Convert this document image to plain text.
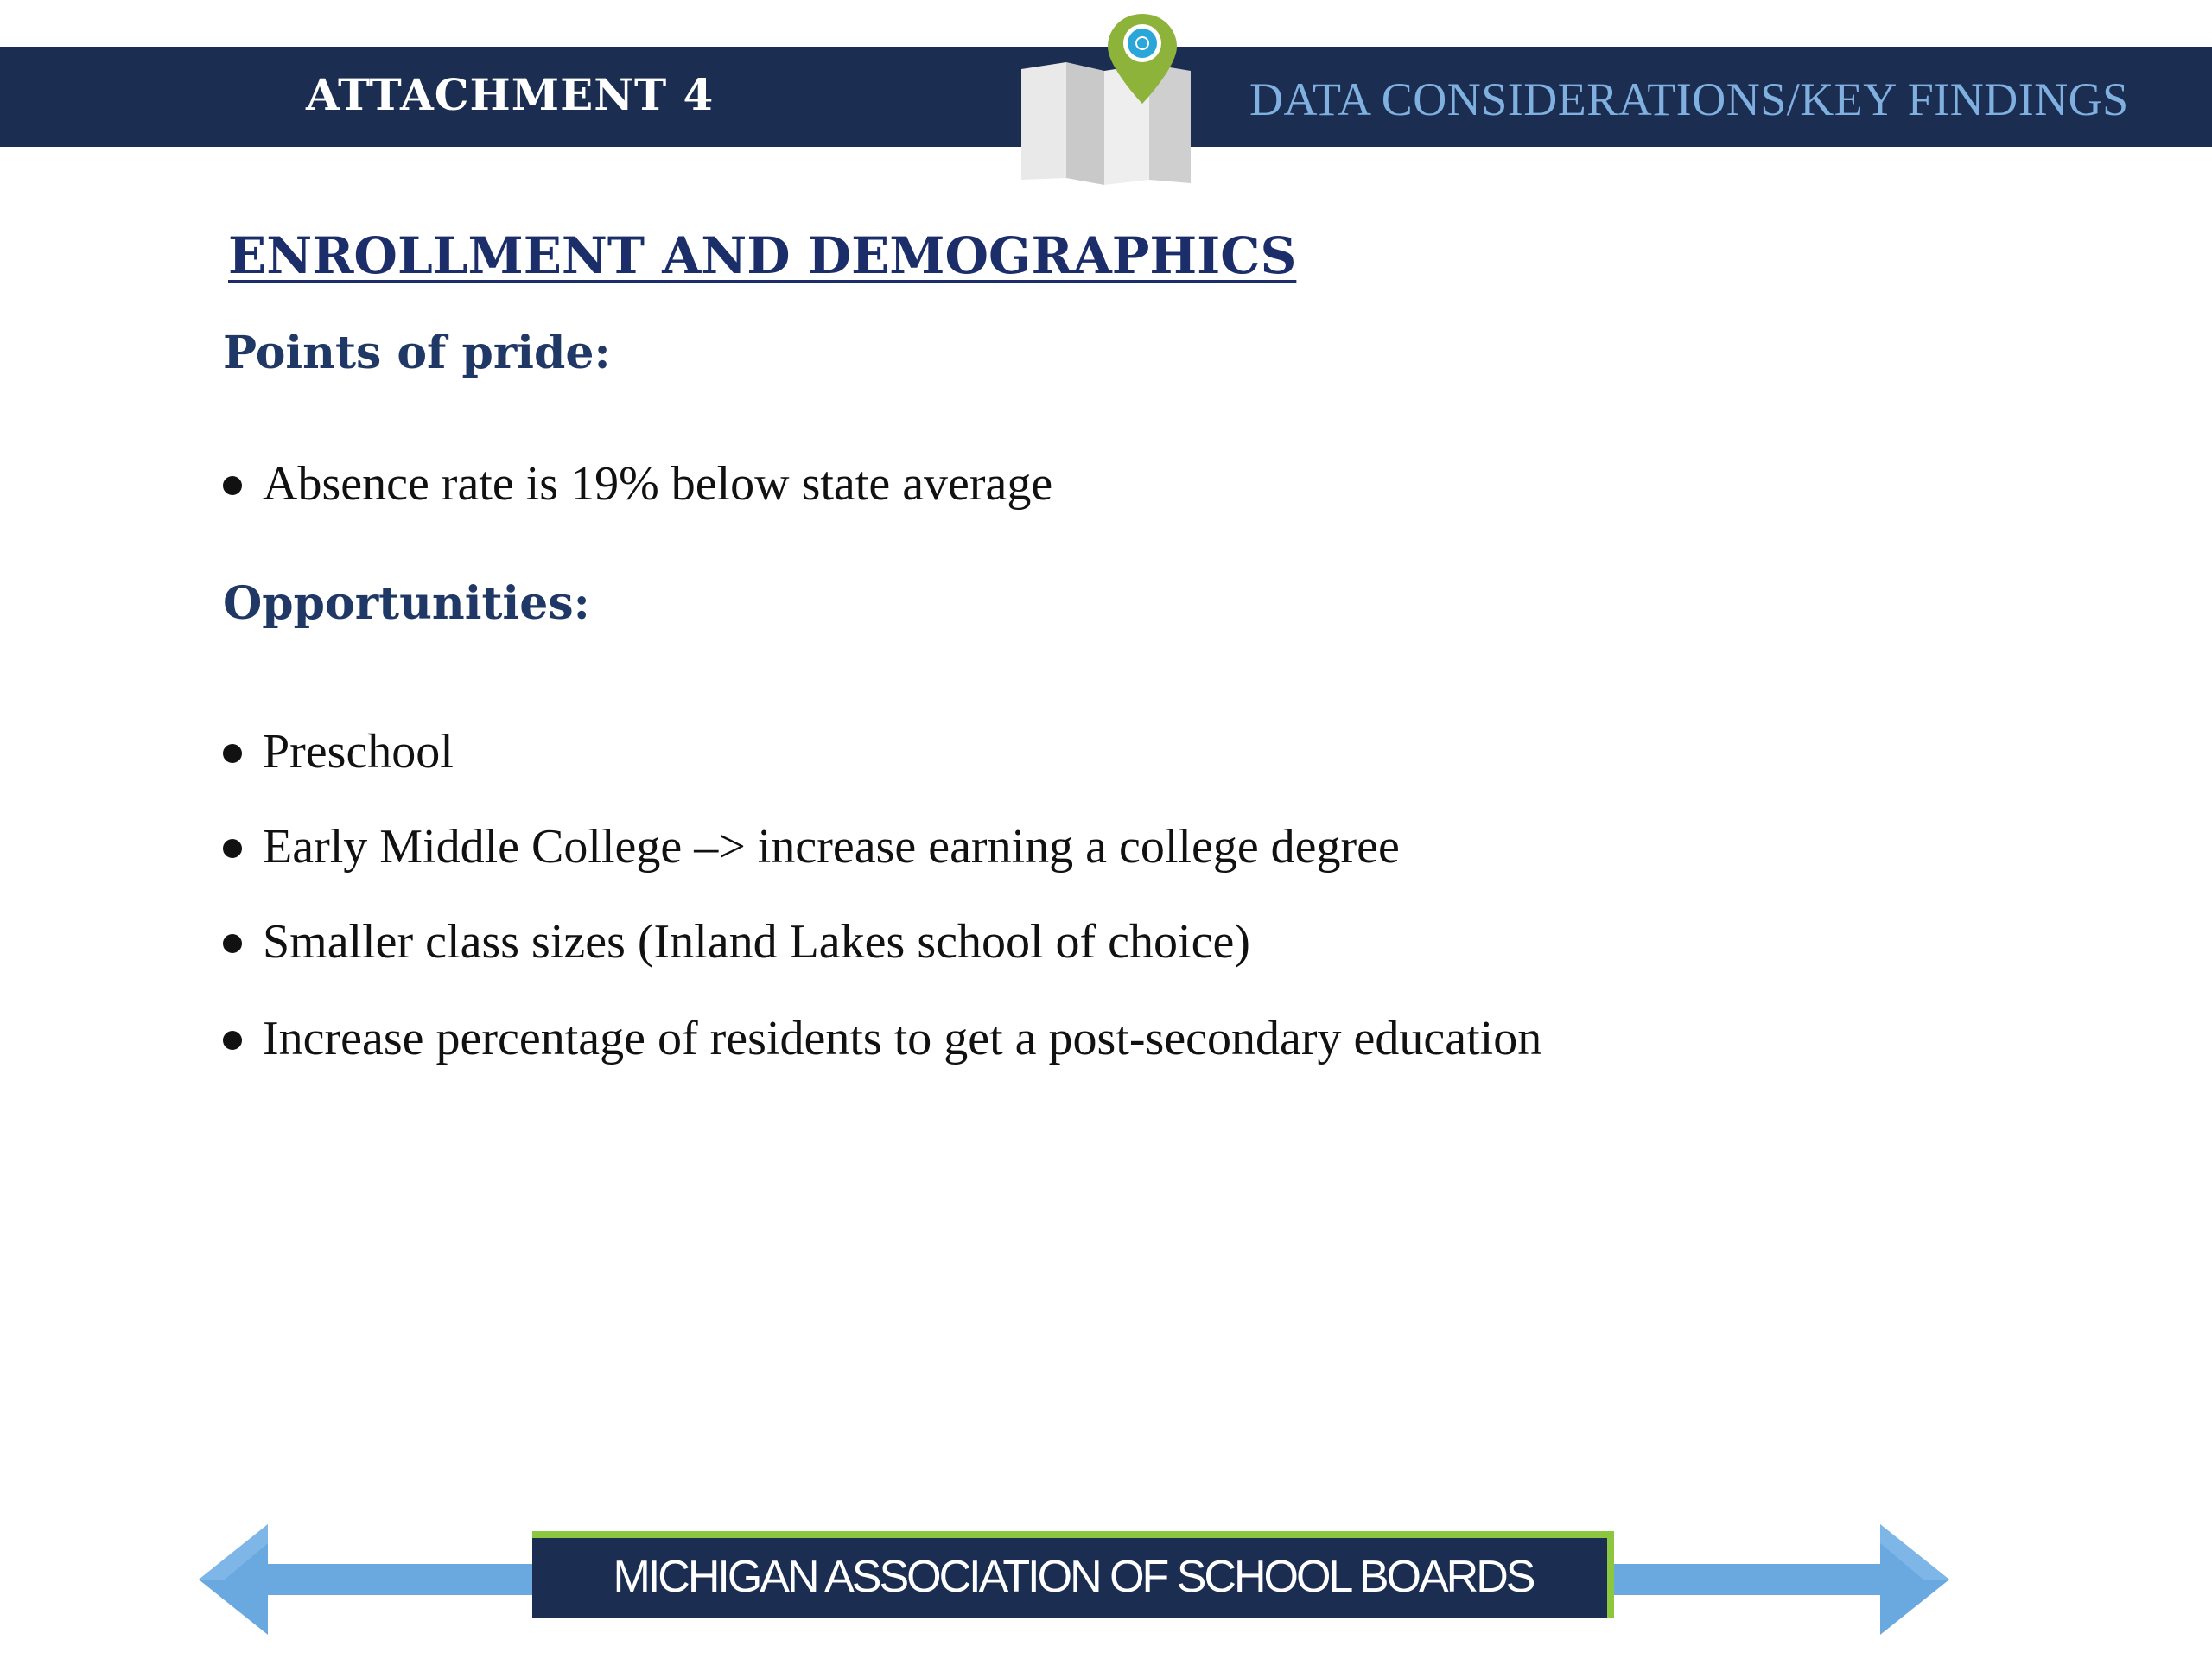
ATTACHMENT 4	DATA CONSIDERATIONS/KEY FINDINGS
ENROLLMENT AND DEMOGRAPHICS
Points of pride:
Absence rate is 19% below state average
Opportunities:
Preschool
Early Middle College –> increase earning a college degree
Smaller class sizes (Inland Lakes school of choice)
Increase percentage of residents to get a post-secondary education
MICHIGAN ASSOCIATION OF SCHOOL BOARDS
